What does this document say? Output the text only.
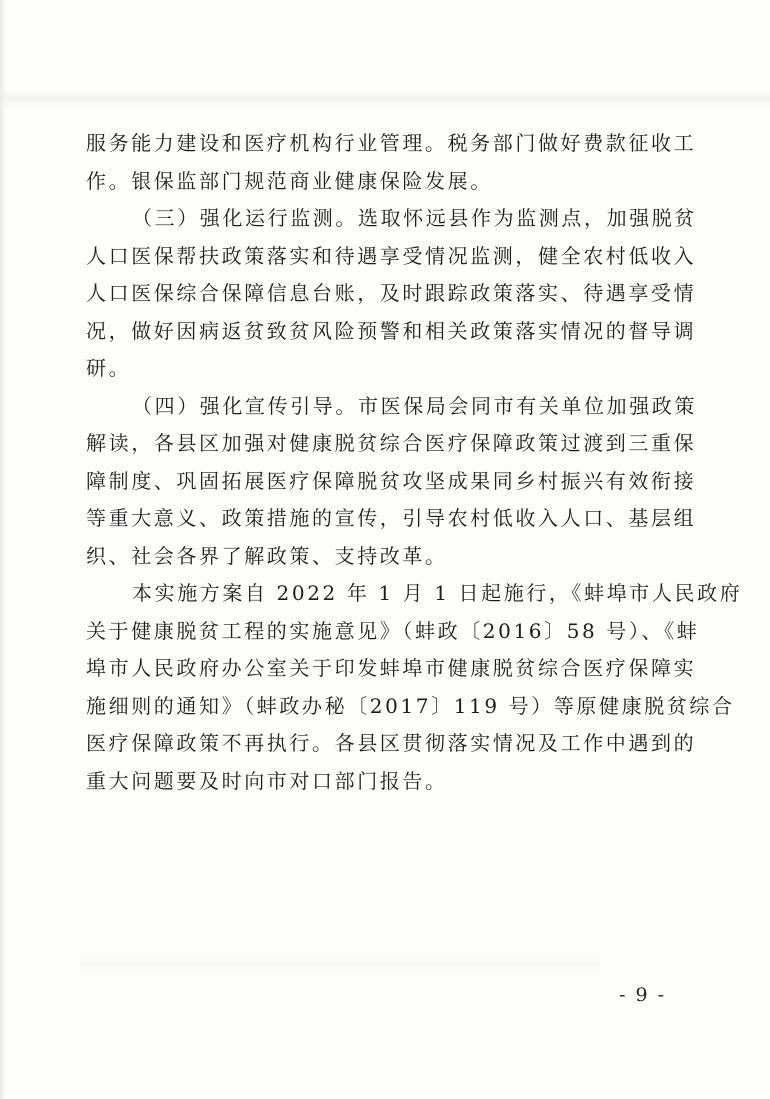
服务能力建设和医疗机构行业管理。税务部门做好费款征收工
作。银保监部门规范商业健康保险发展。
（三）强化运行监测。选取怀远县作为监测点，加强脱贫
人口医保帮扶政策落实和待遇享受情况监测，健全农村低收入
人口医保综合保障信息台账，及时跟踪政策落实、待遇享受情
况，做好因病返贫致贫风险预警和相关政策落实情况的督导调
研。
（四）强化宣传引导。市医保局会同市有关单位加强政策
解读，各县区加强对健康脱贫综合医疗保障政策过渡到三重保
障制度、巩固拓展医疗保障脱贫攻坚成果同乡村振兴有效衔接
等重大意义、政策措施的宣传，引导农村低收入人口、基层组
织、社会各界了解政策、支持改革。
本实施方案自 2022 年 1 月 1 日起施行，《蚌埠市人民政府
关于健康脱贫工程的实施意见》（蚌政〔2016〕58 号）、《蚌
埠市人民政府办公室关于印发蚌埠市健康脱贫综合医疗保障实
施细则的通知》（蚌政办秘〔2017〕119 号）等原健康脱贫综合
医疗保障政策不再执行。各县区贯彻落实情况及工作中遇到的
重大问题要及时向市对口部门报告。
- 9 -
